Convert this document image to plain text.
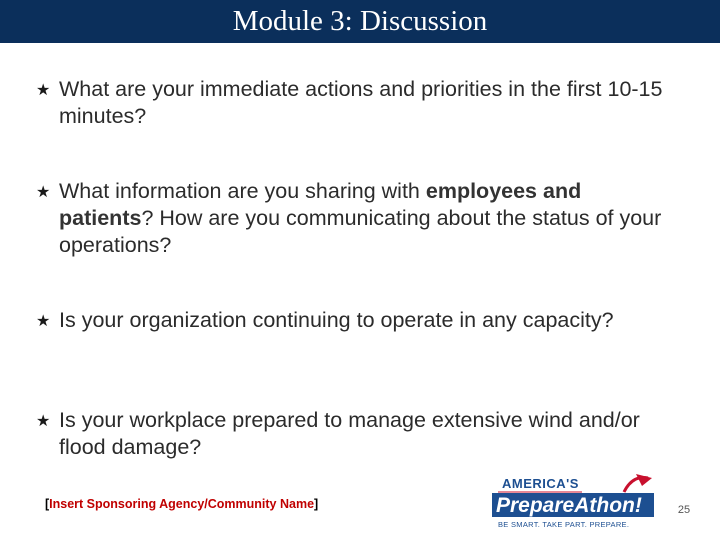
Module 3: Discussion
★ What are your immediate actions and priorities in the first 10-15 minutes?
★ What information are you sharing with employees and patients? How are you communicating about the status of your operations?
★ Is your organization continuing to operate in any capacity?
★ Is your workplace prepared to manage extensive wind and/or flood damage?
[Insert Sponsoring Agency/Community Name]
AMERICA'S
PrepareAthon!
BE SMART. TAKE PART. PREPARE.
25
